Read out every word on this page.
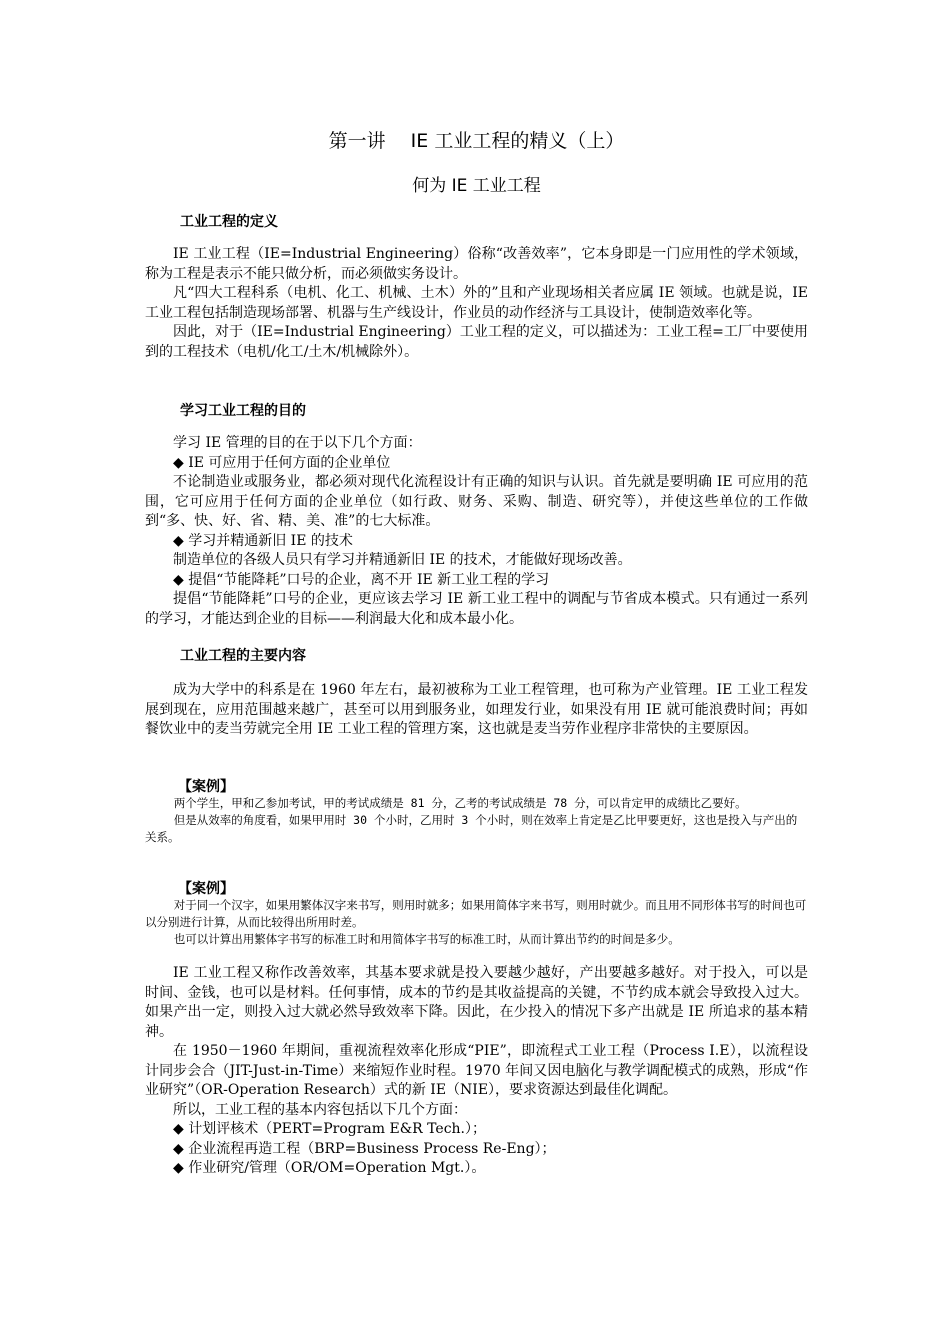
第一讲　 IE 工业工程的精义（上）
何为 IE 工业工程
工业工程的定义

IE 工业工程（IE=Industrial Engineering）俗称“改善效率”，它本身即是一门应用性的学术领域，称为工程是表示不能只做分析，而必须做实务设计。

凡“四大工程科系（电机、化工、机械、土木）外的”且和产业现场相关者应属 IE 领域。也就是说，IE 工业工程包括制造现场部署、机器与生产线设计，作业员的动作经济与工具设计，使制造效率化等。

因此，对于（IE=Industrial Engineering）工业工程的定义，可以描述为：工业工程=工厂中要使用到的工程技术（电机/化工/土木/机械除外）。

学习工业工程的目的

学习 IE 管理的目的在于以下几个方面：

◆ IE 可应用于任何方面的企业单位

不论制造业或服务业，都必须对现代化流程设计有正确的知识与认识。首先就是要明确 IE 可应用的范围，它可应用于任何方面的企业单位（如行政、财务、采购、制造、研究等），并使这些单位的工作做到“多、快、好、省、精、美、准”的七大标准。

◆ 学习并精通新旧 IE 的技术

制造单位的各级人员只有学习并精通新旧 IE 的技术，才能做好现场改善。

◆ 提倡“节能降耗”口号的企业，离不开 IE 新工业工程的学习

提倡“节能降耗”口号的企业，更应该去学习 IE 新工业工程中的调配与节省成本模式。只有通过一系列的学习，才能达到企业的目标——利润最大化和成本最小化。

工业工程的主要内容

成为大学中的科系是在 1960 年左右，最初被称为工业工程管理，也可称为产业管理。IE 工业工程发展到现在，应用范围越来越广，甚至可以用到服务业，如理发行业，如果没有用 IE 就可能浪费时间；再如餐饮业中的麦当劳就完全用 IE 工业工程的管理方案，这也就是麦当劳作业程序非常快的主要原因。

【案例】

两个学生，甲和乙参加考试，甲的考试成绩是 81 分，乙考的考试成绩是 78 分，可以肯定甲的成绩比乙要好。

但是从效率的角度看，如果甲用时 30 个小时，乙用时 3 个小时，则在效率上肯定是乙比甲要更好，这也是投入与产出的关系。

【案例】

对于同一个汉字，如果用繁体汉字来书写，则用时就多；如果用简体字来书写，则用时就少。而且用不同形体书写的时间也可以分别进行计算，从而比较得出所用时差。

也可以计算出用繁体字书写的标准工时和用简体字书写的标准工时，从而计算出节约的时间是多少。

IE 工业工程又称作改善效率，其基本要求就是投入要越少越好，产出要越多越好。对于投入，可以是时间、金钱，也可以是材料。任何事情，成本的节约是其收益提高的关键，不节约成本就会导致投入过大。如果产出一定，则投入过大就必然导致效率下降。因此，在少投入的情况下多产出就是 IE 所追求的基本精神。

在 1950－1960 年期间，重视流程效率化形成“PIE”，即流程式工业工程（Process I.E），以流程设计同步会合（JIT-Just-in-Time）来缩短作业时程。1970 年间又因电脑化与教学调配模式的成熟，形成“作业研究”（OR-Operation Research）式的新 IE（NIE），要求资源达到最佳化调配。

所以，工业工程的基本内容包括以下几个方面：

◆ 计划评核术（PERT=Program E&R Tech.）；

◆ 企业流程再造工程（BRP=Business Process Re-Eng）；

◆ 作业研究/管理（OR/OM=Operation Mgt.）。
